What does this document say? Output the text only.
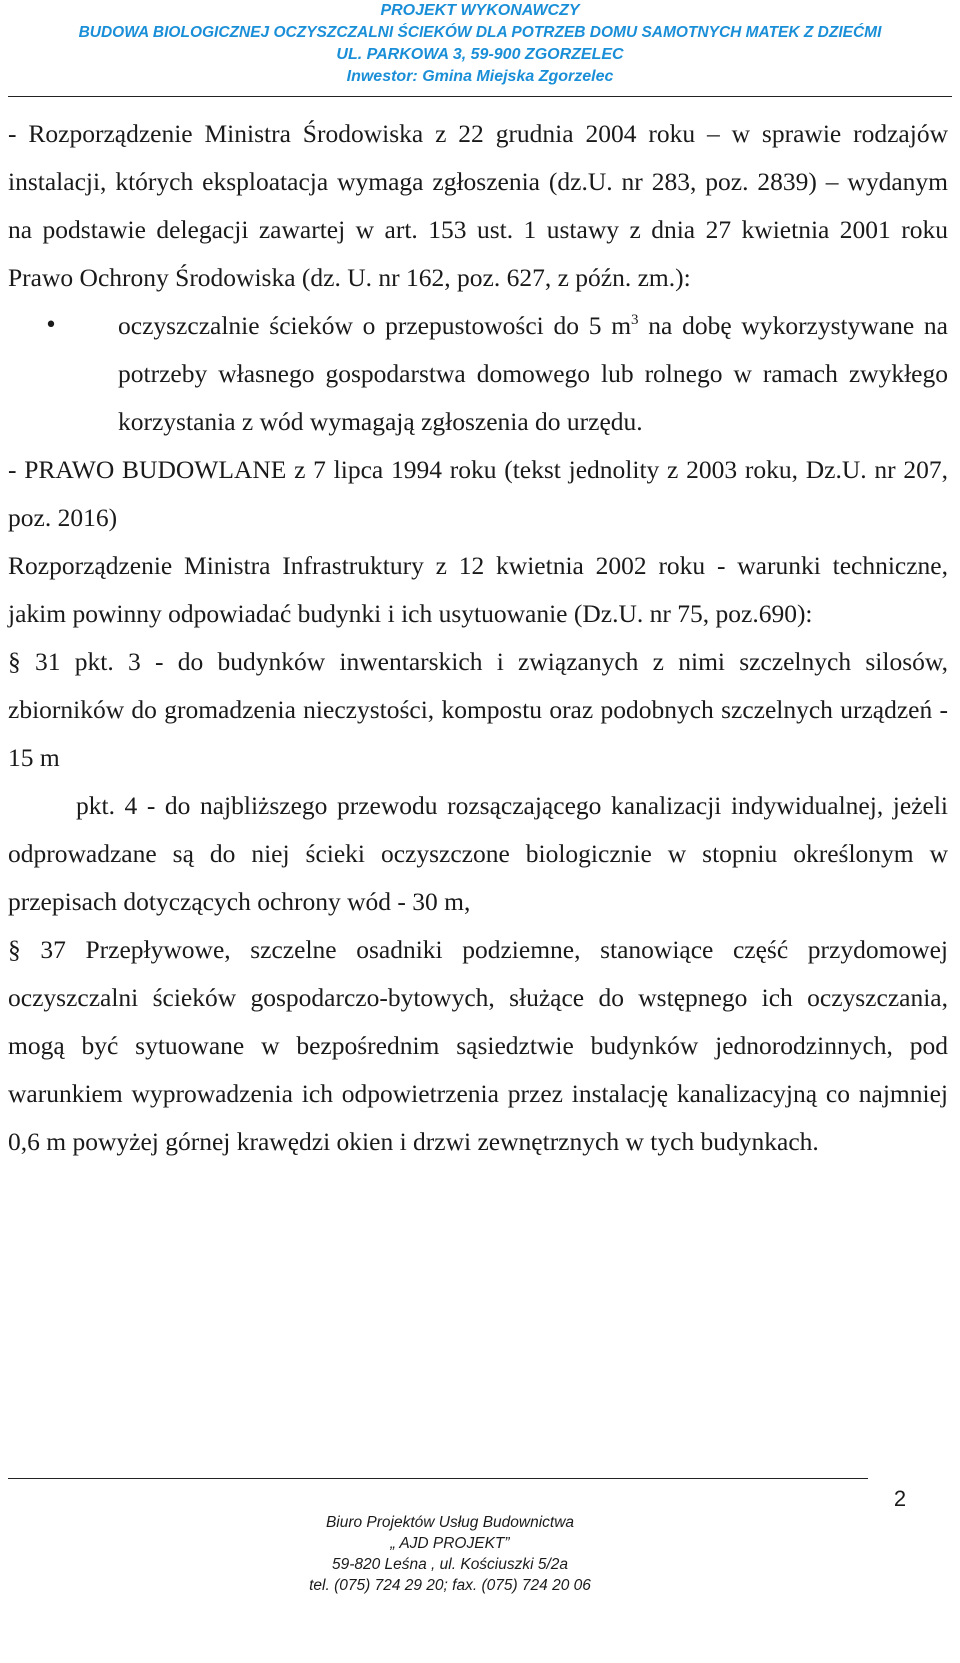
PROJEKT WYKONAWCZY
BUDOWA BIOLOGICZNEJ OCZYSZCZALNI ŚCIEKÓW DLA POTRZEB DOMU SAMOTNYCH MATEK Z DZIEĆMI
UL. PARKOWA 3, 59-900 ZGORZELEC
Inwestor: Gmina Miejska Zgorzelec

- Rozporządzenie Ministra Środowiska z 22 grudnia 2004 roku – w sprawie rodzajów instalacji, których eksploatacja wymaga zgłoszenia (dz.U. nr 283, poz. 2839) – wydanym na podstawie delegacji zawartej w art. 153 ust. 1 ustawy z dnia 27 kwietnia 2001 roku Prawo Ochrony Środowiska (dz. U. nr 162, poz. 627, z późn. zm.):

•	oczyszczalnie ścieków o przepustowości do 5 $m^3$ na dobę wykorzystywane na potrzeby własnego gospodarstwa domowego lub rolnego w ramach zwykłego korzystania z wód wymagają zgłoszenia do urzędu.

- PRAWO BUDOWLANE z 7 lipca 1994 roku (tekst jednolity z 2003 roku, Dz.U. nr 207, poz. 2016)

Rozporządzenie Ministra Infrastruktury z 12 kwietnia 2002 roku - warunki techniczne, jakim powinny odpowiadać budynki i ich usytuowanie (Dz.U. nr 75, poz.690):

§ 31 pkt. 3 - do budynków inwentarskich i związanych z nimi szczelnych silosów, zbiorników do gromadzenia nieczystości, kompostu oraz podobnych szczelnych urządzeń - 15 m

pkt. 4 - do najbliższego przewodu rozsączającego kanalizacji indywidualnej, jeżeli odprowadzane są do niej ścieki oczyszczone biologicznie w stopniu określonym w przepisach dotyczących ochrony wód - 30 m,

§ 37 Przepływowe, szczelne osadniki podziemne, stanowiące część przydomowej oczyszczalni ścieków gospodarczo-bytowych, służące do wstępnego ich oczyszczania, mogą być sytuowane w bezpośrednim sąsiedztwie budynków jednorodzinnych, pod warunkiem wyprowadzenia ich odpowietrzenia przez instalację kanalizacyjną co najmniej 0,6 m powyżej górnej krawędzi okien i drzwi zewnętrznych w tych budynkach.

2
Biuro Projektów Usług Budownictwa
„ AJD PROJEKT”
59-820 Leśna , ul. Kościuszki 5/2a
tel. (075) 724 29 20; fax. (075) 724 20 06
